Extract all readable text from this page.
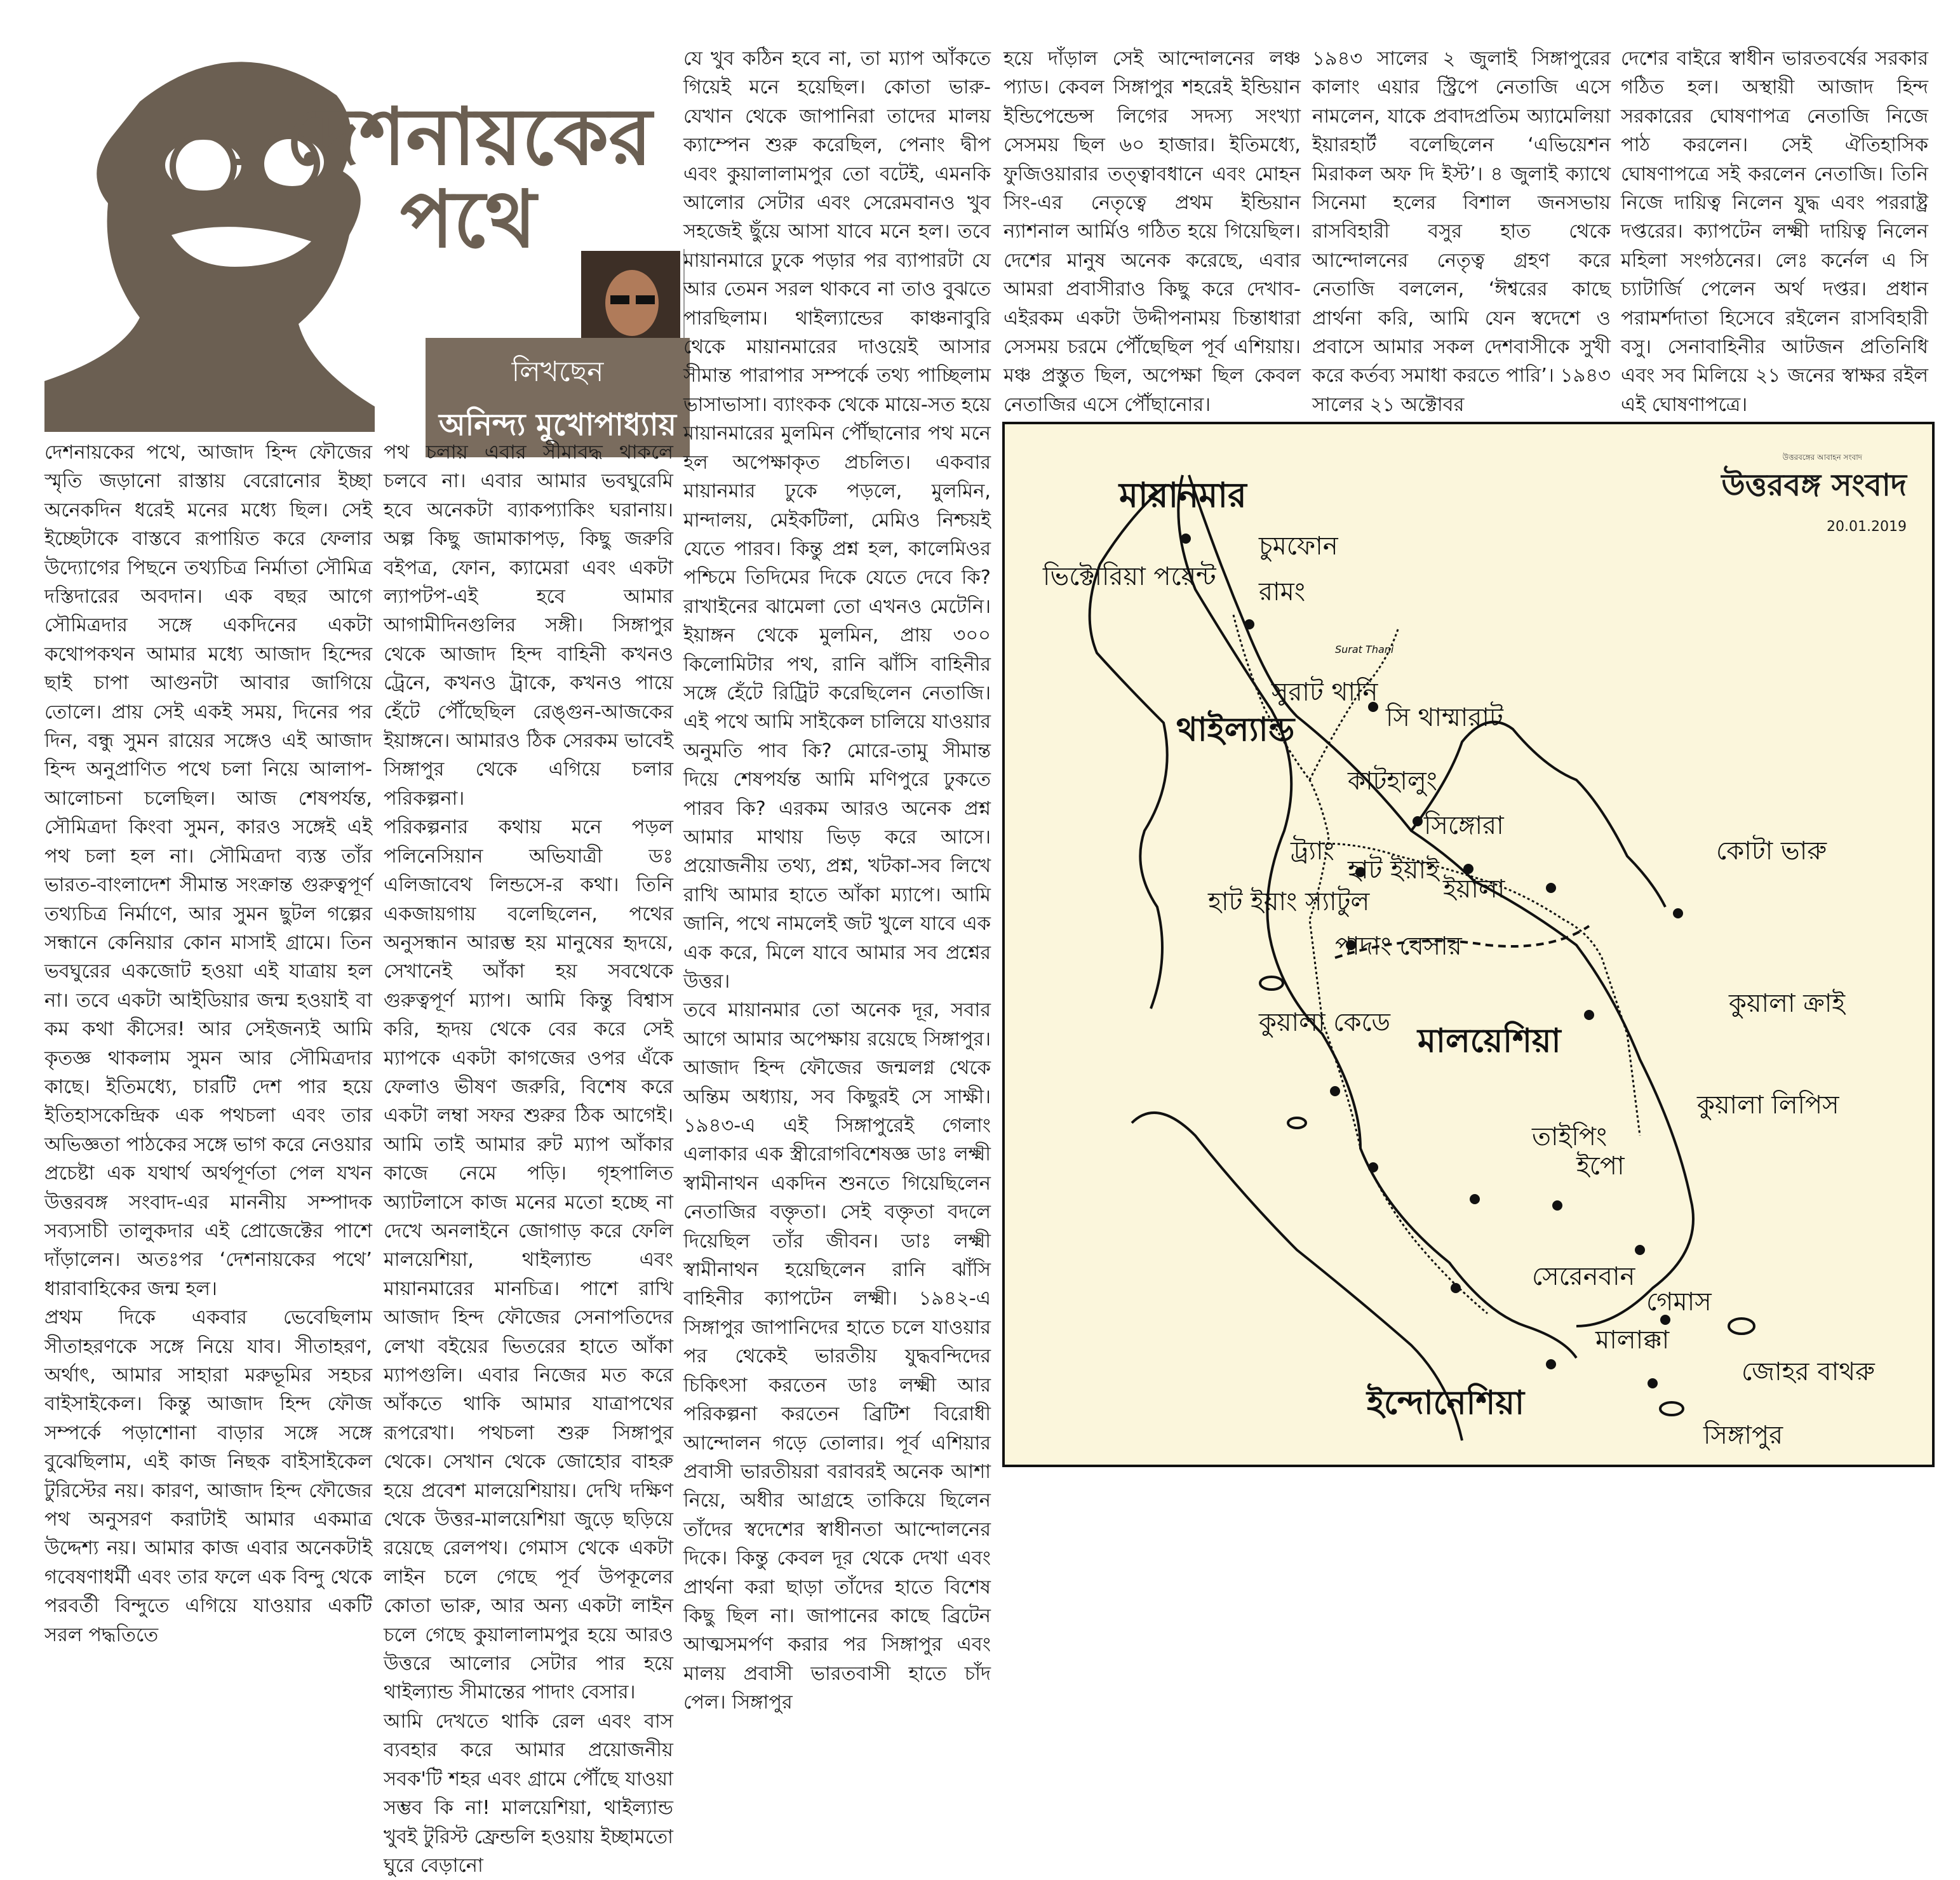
দেশনায়কের
পথে
লিখছেন
অনিন্দ্য মুখোপাধ্যায়
দেশনায়কের পথে, আজাদ হিন্দ ফৌজের স্মৃতি জড়ানো রাস্তায় বেরোনোর ইচ্ছা অনেকদিন ধরেই মনের মধ্যে ছিল। সেই ইচ্ছেটাকে বাস্তবে রূপায়িত করে ফেলার উদ্যোগের পিছনে তথ্যচিত্র নির্মাতা সৌমিত্র দস্তিদারের অবদান। এক বছর আগে সৌমিত্রদার সঙ্গে একদিনের একটা কথোপকথন আমার মধ্যে আজাদ হিন্দের ছাই চাপা আগুনটা আবার জাগিয়ে তোলে। প্রায় সেই একই সময়, দিনের পর দিন, বন্ধু সুমন রায়ের সঙ্গেও এই আজাদ হিন্দ অনুপ্রাণিত পথে চলা নিয়ে আলাপ-আলোচনা চলেছিল। আজ শেষপর্যন্ত, সৌমিত্রদা কিংবা সুমন, কারও সঙ্গেই এই পথ চলা হল না। সৌমিত্রদা ব্যস্ত তাঁর ভারত-বাংলাদেশ সীমান্ত সংক্রান্ত গুরুত্বপূর্ণ তথ্যচিত্র নির্মাণে, আর সুমন ছুটল গল্পের সন্ধানে কেনিয়ার কোন মাসাই গ্রামে। তিন ভবঘুরের একজোট হওয়া এই যাত্রায় হল না। তবে একটা আইডিয়ার জন্ম হওয়াই বা কম কথা কীসের! আর সেইজন্যই আমি কৃতজ্ঞ থাকলাম সুমন আর সৌমিত্রদার কাছে। ইতিমধ্যে, চারটি দেশ পার হয়ে ইতিহাসকেন্দ্রিক এক পথচলা এবং তার অভিজ্ঞতা পাঠকের সঙ্গে ভাগ করে নেওয়ার প্রচেষ্টা এক যথার্থ অর্থপূর্ণতা পেল যখন উত্তরবঙ্গ সংবাদ-এর মাননীয় সম্পাদক সব্যসাচী তালুকদার এই প্রোজেক্টের পাশে দাঁড়ালেন। অতঃপর ‘দেশনায়কের পথে’ ধারাবাহিকের জন্ম হল।
প্রথম দিকে একবার ভেবেছিলাম সীতাহরণকে সঙ্গে নিয়ে যাব। সীতাহরণ, অর্থাৎ, আমার সাহারা মরুভূমির সহচর বাইসাইকেল। কিন্তু আজাদ হিন্দ ফৌজ সম্পর্কে পড়াশোনা বাড়ার সঙ্গে সঙ্গে বুঝেছিলাম, এই কাজ নিছক বাইসাইকেল টুরিস্টের নয়। কারণ, আজাদ হিন্দ ফৌজের পথ অনুসরণ করাটাই আমার একমাত্র উদ্দেশ্য নয়। আমার কাজ এবার অনেকটাই গবেষণাধর্মী এবং তার ফলে এক বিন্দু থেকে পরবর্তী বিন্দুতে এগিয়ে যাওয়ার একটি সরল পদ্ধতিতে
পথ চলায় এবার সীমাবদ্ধ থাকলে চলবে না। এবার আমার ভবঘুরেমি হবে অনেকটা ব্যাকপ্যাকিং ঘরানায়। অল্প কিছু জামাকাপড়, কিছু জরুরি বইপত্র, ফোন, ক্যামেরা এবং একটা ল্যাপটপ-এই হবে আমার আগামীদিনগুলির সঙ্গী। সিঙ্গাপুর থেকে আজাদ হিন্দ বাহিনী কখনও ট্রেনে, কখনও ট্রাকে, কখনও পায়ে হেঁটে পৌঁছেছিল রেঙ্গুন-আজকের ইয়াঙ্গনে। আমারও ঠিক সেরকম ভাবেই সিঙ্গাপুর থেকে এগিয়ে চলার পরিকল্পনা।
পরিকল্পনার কথায় মনে পড়ল পলিনেসিয়ান অভিযাত্রী ডঃ এলিজাবেথ লিন্ডসে-র কথা। তিনি একজায়গায় বলেছিলেন, পথের অনুসন্ধান আরম্ভ হয় মানুষের হৃদয়ে, সেখানেই আঁকা হয় সবথেকে গুরুত্বপূর্ণ ম্যাপ। আমি কিন্তু বিশ্বাস করি, হৃদয় থেকে বের করে সেই ম্যাপকে একটা কাগজের ওপর এঁকে ফেলাও ভীষণ জরুরি, বিশেষ করে একটা লম্বা সফর শুরুর ঠিক আগেই। আমি তাই আমার রুট ম্যাপ আঁকার কাজে নেমে পড়ি। গৃহপালিত অ্যাটলাসে কাজ মনের মতো হচ্ছে না দেখে অনলাইনে জোগাড় করে ফেলি মালয়েশিয়া, থাইল্যান্ড এবং মায়ানমারের মানচিত্র। পাশে রাখি আজাদ হিন্দ ফৌজের সেনাপতিদের লেখা বইয়ের ভিতরের হাতে আঁকা ম্যাপগুলি। এবার নিজের মত করে আঁকতে থাকি আমার যাত্রাপথের রূপরেখা। পথচলা শুরু সিঙ্গাপুর থেকে। সেখান থেকে জোহোর বাহরু হয়ে প্রবেশ মালয়েশিয়ায়। দেখি দক্ষিণ থেকে উত্তর-মালয়েশিয়া জুড়ে ছড়িয়ে রয়েছে রেলপথ। গেমাস থেকে একটা লাইন চলে গেছে পূর্ব উপকূলের কোতা ভারু, আর অন্য একটা লাইন চলে গেছে কুয়ালালামপুর হয়ে আরও উত্তরে আলোর সেটার পার হয়ে থাইল্যান্ড সীমান্তের পাদাং বেসার।
আমি দেখতে থাকি রেল এবং বাস ব্যবহার করে আমার প্রয়োজনীয় সবক'টি শহর এবং গ্রামে পৌঁছে যাওয়া সম্ভব কি না! মালয়েশিয়া, থাইল্যান্ড খুবই টুরিস্ট ফ্রেন্ডলি হওয়ায় ইচ্ছামতো ঘুরে বেড়ানো
যে খুব কঠিন হবে না, তা ম্যাপ আঁকতে গিয়েই মনে হয়েছিল। কোতা ভারু-যেখান থেকে জাপানিরা তাদের মালয় ক্যাম্পেন শুরু করেছিল, পেনাং দ্বীপ এবং কুয়ালালামপুর তো বটেই, এমনকি আলোর সেটার এবং সেরেমবানও খুব সহজেই ছুঁয়ে আসা যাবে মনে হল। তবে মায়ানমারে ঢুকে পড়ার পর ব্যাপারটা যে আর তেমন সরল থাকবে না তাও বুঝতে পারছিলাম। থাইল্যান্ডের কাঞ্চনাবুরি থেকে মায়ানমারের দাওয়েই আসার সীমান্ত পারাপার সম্পর্কে তথ্য পাচ্ছিলাম ভাসাভাসা। ব্যাংকক থেকে মায়ে-সত হয়ে মায়ানমারের মুলমিন পৌঁছানোর পথ মনে হল অপেক্ষাকৃত প্রচলিত। একবার মায়ানমার ঢুকে পড়লে, মুলমিন, মান্দালয়, মেইকটিলা, মেমিও নিশ্চয়ই যেতে পারব। কিন্তু প্রশ্ন হল, কালেমিওর পশ্চিমে তিদিমের দিকে যেতে দেবে কি? রাখাইনের ঝামেলা তো এখনও মেটেনি। ইয়াঙ্গন থেকে মুলমিন, প্রায় ৩০০ কিলোমিটার পথ, রানি ঝাঁসি বাহিনীর সঙ্গে হেঁটে রিট্রিট করেছিলেন নেতাজি। এই পথে আমি সাইকেল চালিয়ে যাওয়ার অনুমতি পাব কি? মোরে-তামু সীমান্ত দিয়ে শেষপর্যন্ত আমি মণিপুরে ঢুকতে পারব কি? এরকম আরও অনেক প্রশ্ন আমার মাথায় ভিড় করে আসে। প্রয়োজনীয় তথ্য, প্রশ্ন, খটকা-সব লিখে রাখি আমার হাতে আঁকা ম্যাপে। আমি জানি, পথে নামলেই জট খুলে যাবে এক এক করে, মিলে যাবে আমার সব প্রশ্নের উত্তর।
তবে মায়ানমার তো অনেক দূর, সবার আগে আমার অপেক্ষায় রয়েছে সিঙ্গাপুর। আজাদ হিন্দ ফৌজের জন্মলগ্ন থেকে অন্তিম অধ্যায়, সব কিছুরই সে সাক্ষী। ১৯৪৩-এ এই সিঙ্গাপুরেই গেলাং এলাকার এক স্ত্রীরোগবিশেষজ্ঞ ডাঃ লক্ষ্মী স্বামীনাথন একদিন শুনতে গিয়েছিলেন নেতাজির বক্তৃতা। সেই বক্তৃতা বদলে দিয়েছিল তাঁর জীবন। ডাঃ লক্ষ্মী স্বামীনাথন হয়েছিলেন রানি ঝাঁসি বাহিনীর ক্যাপটেন লক্ষ্মী। ১৯৪২-এ সিঙ্গাপুর জাপানিদের হাতে চলে যাওয়ার পর থেকেই ভারতীয় যুদ্ধবন্দিদের চিকিৎসা করতেন ডাঃ লক্ষ্মী আর পরিকল্পনা করতেন ব্রিটিশ বিরোধী আন্দোলন গড়ে তোলার। পূর্ব এশিয়ার প্রবাসী ভারতীয়রা বরাবরই অনেক আশা নিয়ে, অধীর আগ্রহে তাকিয়ে ছিলেন তাঁদের স্বদেশের স্বাধীনতা আন্দোলনের দিকে। কিন্তু কেবল দূর থেকে দেখা এবং প্রার্থনা করা ছাড়া তাঁদের হাতে বিশেষ কিছু ছিল না। জাপানের কাছে ব্রিটেন আত্মসমর্পণ করার পর সিঙ্গাপুর এবং মালয় প্রবাসী ভারতবাসী হাতে চাঁদ পেল। সিঙ্গাপুর
হয়ে দাঁড়াল সেই আন্দোলনের লঞ্চ প্যাড। কেবল সিঙ্গাপুর শহরেই ইন্ডিয়ান ইন্ডিপেন্ডেন্স লিগের সদস্য সংখ্যা সেসময় ছিল ৬০ হাজার। ইতিমধ্যে, ফুজিওয়ারার তত্ত্বাবধানে এবং মোহন সিং-এর নেতৃত্বে প্রথম ইন্ডিয়ান ন্যাশনাল আর্মিও গঠিত হয়ে গিয়েছিল। দেশের মানুষ অনেক করেছে, এবার আমরা প্রবাসীরাও কিছু করে দেখাব-এইরকম একটা উদ্দীপনাময় চিন্তাধারা সেসময় চরমে পৌঁছেছিল পূর্ব এশিয়ায়। মঞ্চ প্রস্তুত ছিল, অপেক্ষা ছিল কেবল নেতাজির এসে পৌঁছানোর।
১৯৪৩ সালের ২ জুলাই সিঙ্গাপুরের কালাং এয়ার স্ট্রিপে নেতাজি এসে নামলেন, যাকে প্রবাদপ্রতিম অ্যামেলিয়া ইয়ারহার্ট বলেছিলেন ‘এভিয়েশন মিরাকল অফ দি ইস্ট’। ৪ জুলাই ক্যাথে সিনেমা হলের বিশাল জনসভায় রাসবিহারী বসুর হাত থেকে আন্দোলনের নেতৃত্ব গ্রহণ করে নেতাজি বললেন, ‘ঈশ্বরের কাছে প্রার্থনা করি, আমি যেন স্বদেশে ও প্রবাসে আমার সকল দেশবাসীকে সুখী করে কর্তব্য সমাধা করতে পারি’। ১৯৪৩ সালের ২১ অক্টোবর
দেশের বাইরে স্বাধীন ভারতবর্ষের সরকার গঠিত হল। অস্থায়ী আজাদ হিন্দ সরকারের ঘোষণাপত্র নেতাজি নিজে পাঠ করলেন। সেই ঐতিহাসিক ঘোষণাপত্রে সই করলেন নেতাজি। তিনি নিজে দায়িত্ব নিলেন যুদ্ধ এবং পররাষ্ট্র দপ্তরের। ক্যাপটেন লক্ষ্মী দায়িত্ব নিলেন মহিলা সংগঠনের। লেঃ কর্নেল এ সি চ্যাটার্জি পেলেন অর্থ দপ্তর। প্রধান পরামর্শদাতা হিসেবে রইলেন রাসবিহারী বসু। সেনাবাহিনীর আটজন প্রতিনিধি এবং সব মিলিয়ে ২১ জনের স্বাক্ষর রইল এই ঘোষণাপত্রে।
উত্তরবঙ্গের আবাহন সংবাদ
উত্তরবঙ্গ সংবাদ
20.01.2019
মায়ানমার
থাইল্যান্ড
মালয়েশিয়া
ইন্দোনেশিয়া
চুমফোন
ভিক্টোরিয়া পয়েন্ট
রামং
সুরাট থানি
Surat Thani
সি থাম্মারাট
কাটহালুং
সিঙ্গোরা
ট্র্যাং
হাট ইয়াই
ইয়ালা
কোটা ভারু
হাট ইয়াং স্যাটুল
পাদাং বেসার
কুয়ালা কেডে
কুয়ালা ক্রাই
তাইপিং
ইপো
কুয়ালা লিপিস
সেরেনবান
গেমাস
মালাক্কা
জোহর বাথরু
সিঙ্গাপুর
